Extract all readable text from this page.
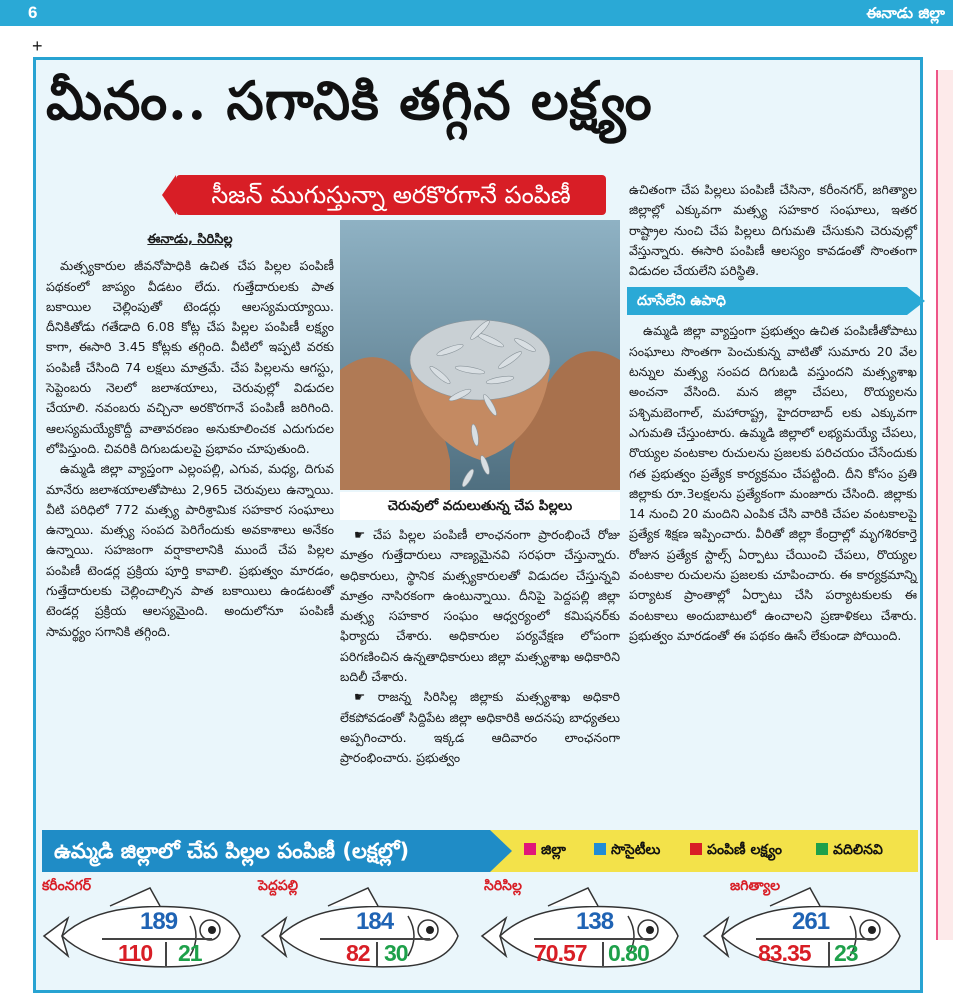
6	ఈనాడు జిల్లా
+
మీనం.. సగానికి తగ్గిన లక్ష్యం
సీజన్ ముగుస్తున్నా అరకొరగానే పంపిణీ
ఈనాడు, సిరిసిల్ల

మత్స్యకారుల జీవనోపాధికి ఉచిత చేప పిల్లల పంపిణీ పథకంలో జాప్యం వీడటం లేదు. గుత్తేదారులకు పాత బకాయిల చెల్లింపుతో టెండర్లు ఆలస్యమయ్యాయి. దీనికితోడు గతేడాది 6.08 కోట్ల చేప పిల్లల పంపిణీ లక్ష్యం కాగా, ఈసారి 3.45 కోట్లకు తగ్గింది. వీటిలో ఇప్పటి వరకు పంపిణీ చేసింది 74 లక్షలు మాత్రమే. చేప పిల్లలను ఆగస్టు, సెప్టెంబరు నెలలో జలాశయాలు, చెరువుల్లో విడుదల చేయాలి. నవంబరు వచ్చినా అరకొరగానే పంపిణీ జరిగింది. ఆలస్యమయ్యేకొద్దీ వాతావరణం అనుకూలించక ఎదుగుదల లోపిస్తుంది. చివరికి దిగుబడులపై ప్రభావం చూపుతుంది.

ఉమ్మడి జిల్లా వ్యాప్తంగా ఎల్లంపల్లి, ఎగువ, మధ్య, దిగువ మానేరు జలాశయాలతోపాటు 2,965 చెరువులు ఉన్నాయి. వీటి పరిధిలో 772 మత్స్య పారిశ్రామిక సహకార సంఘాలు ఉన్నాయి. మత్స్య సంపద పెరిగేందుకు అవకాశాలు అనేకం ఉన్నాయి. సహజంగా వర్షాకాలానికి ముందే చేప పిల్లల పంపిణీ టెండర్ల ప్రక్రియ పూర్తి కావాలి. ప్రభుత్వం మారడం, గుత్తేదారులకు చెల్లించాల్సిన పాత బకాయిలు ఉండటంతో టెండర్ల ప్రక్రియ ఆలస్యమైంది. అందులోనూ పంపిణీ సామర్థ్యం సగానికి తగ్గింది.

చెరువులో వదులుతున్న చేప పిల్లలు

☛ చేప పిల్లల పంపిణీ లాంఛనంగా ప్రారంభించే రోజు మాత్రం గుత్తేదారులు నాణ్యమైనవి సరఫరా చేస్తున్నారు. అధికారులు, స్థానిక మత్స్యకారులతో విడుదల చేస్తున్నవి మాత్రం నాసిరకంగా ఉంటున్నాయి. దీనిపై పెద్దపల్లి జిల్లా మత్స్య సహకార సంఘం ఆధ్వర్యంలో కమిషనర్‌కు ఫిర్యాదు చేశారు. అధికారుల పర్యవేక్షణ లోపంగా పరిగణించిన ఉన్నతాధికారులు జిల్లా మత్స్యశాఖ అధికారిని బదిలీ చేశారు.

☛ రాజన్న సిరిసిల్ల జిల్లాకు మత్స్యశాఖ అధికారి లేకపోవడంతో సిద్దిపేట జిల్లా అధికారికి అదనపు బాధ్యతలు అప్పగించారు. ఇక్కడ ఆదివారం లాంఛనంగా ప్రారంభించారు. ప్రభుత్వం

ఉచితంగా చేప పిల్లలు పంపిణీ చేసినా, కరీంనగర్, జగిత్యాల జిల్లాల్లో ఎక్కువగా మత్స్య సహకార సంఘాలు, ఇతర రాష్ట్రాల నుంచి చేప పిల్లలు దిగుమతి చేసుకుని చెరువుల్లో వేస్తున్నారు. ఈసారి పంపిణీ ఆలస్యం కావడంతో సొంతంగా విడుదల చేయలేని పరిస్థితి.

దూసేలేని ఉపాధి

ఉమ్మడి జిల్లా వ్యాప్తంగా ప్రభుత్వం ఉచిత పంపిణీతోపాటు సంఘాలు సొంతగా పెంచుకున్న వాటితో సుమారు 20 వేల టన్నుల మత్స్య సంపద దిగుబడి వస్తుందని మత్స్యశాఖ అంచనా వేసింది. మన జిల్లా చేపలు, రొయ్యలను పశ్చిమబెంగాల్, మహారాష్ట్ర, హైదరాబాద్ లకు ఎక్కువగా ఎగుమతి చేస్తుంటారు. ఉమ్మడి జిల్లాలో లభ్యమయ్యే చేపలు, రొయ్యల వంటకాల రుచులను ప్రజలకు పరిచయం చేసేందుకు గత ప్రభుత్వం ప్రత్యేక కార్యక్రమం చేపట్టింది. దీని కోసం ప్రతి జిల్లాకు రూ.3లక్షలను ప్రత్యేకంగా మంజూరు చేసింది. జిల్లాకు 14 నుంచి 20 మందిని ఎంపిక చేసి వారికి చేపల వంటకాలపై ప్రత్యేక శిక్షణ ఇప్పించారు. వీరితో జిల్లా కేంద్రాల్లో మృగశిరకార్తె రోజున ప్రత్యేక స్టాల్స్ ఏర్పాటు చేయించి చేపలు, రొయ్యల వంటకాల రుచులను ప్రజలకు చూపించారు. ఈ కార్యక్రమాన్ని పర్యాటక ప్రాంతాల్లో ఏర్పాటు చేసి పర్యాటకులకు ఈ వంటకాలు అందుబాటులో ఉంచాలని ప్రణాళికలు చేశారు. ప్రభుత్వం మారడంతో ఈ పథకం ఊసే లేకుండా పోయింది.

ఉమ్మడి జిల్లాలో చేప పిల్లల పంపిణీ (లక్షల్లో)	జిల్లా	సొసైటీలు	పంపిణీ లక్ష్యం	వదిలినవి
కరీంనగర్
189
110 21
పెద్దపల్లి
184
82 30
సిరిసిల్ల
138
70.57 0.80
జగిత్యాల
261
83.35 23
